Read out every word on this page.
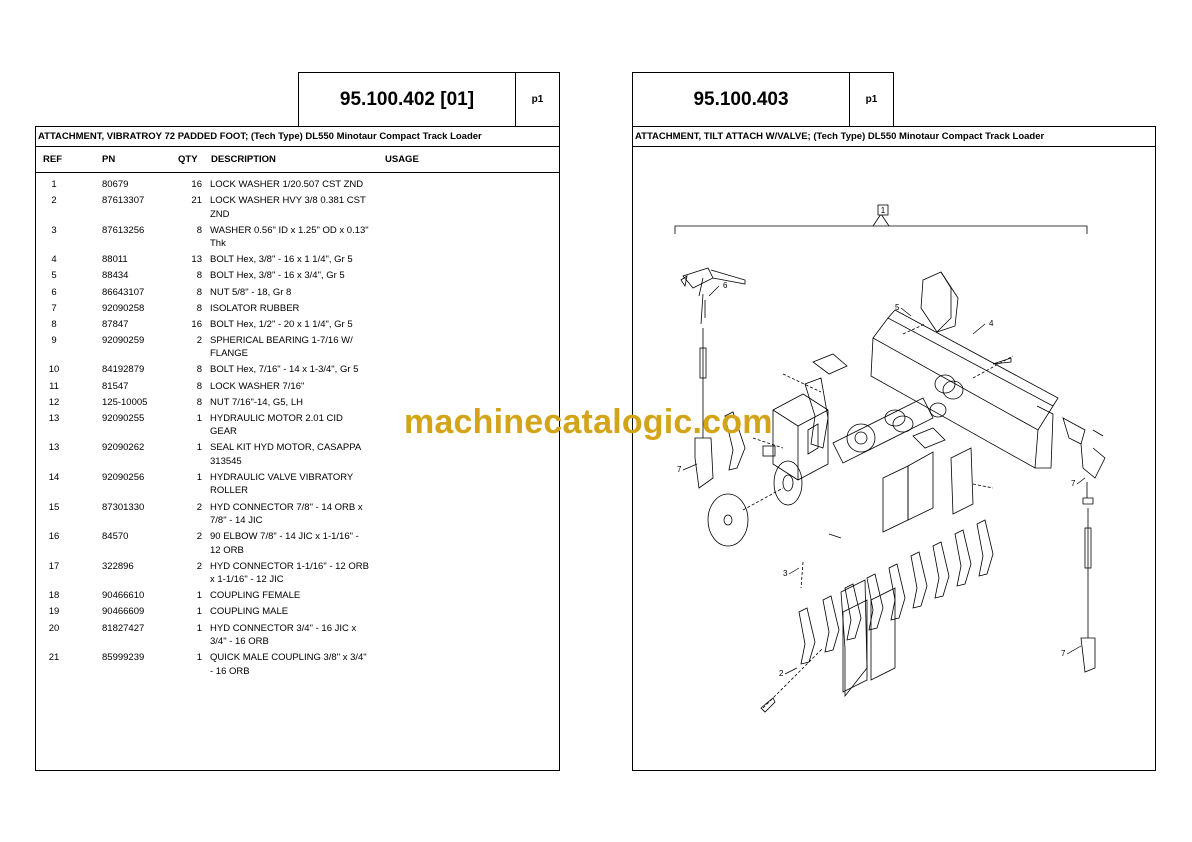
95.100.402 [01]	p1
ATTACHMENT, VIBRATROY 72 PADDED FOOT; (Tech Type) DL550 Minotaur Compact Track Loader
REF	PN	QTY DESCRIPTION	USAGE
1	80679	16 LOCK WASHER 1/20.507 CST ZND
2	87613307	21 LOCK WASHER HVY 3/8 0.381 CST
ZND
3	87613256	8 WASHER 0.56" ID x 1.25" OD x 0.13"
Thk
4	88011	13 BOLT Hex, 3/8" - 16 x 1 1/4", Gr 5
5	88434	8 BOLT Hex, 3/8" - 16 x 3/4", Gr 5
6	86643107	8 NUT 5/8" - 18, Gr 8
7	92090258	8 ISOLATOR RUBBER
8	87847	16 BOLT Hex, 1/2" - 20 x 1 1/4", Gr 5
9	92090259	2 SPHERICAL BEARING 1-7/16 W/
FLANGE
10	84192879	8 BOLT Hex, 7/16" - 14 x 1-3/4", Gr 5
11	81547	8 LOCK WASHER 7/16"
12	125-10005	8 NUT 7/16"-14, G5, LH
13	92090255	1 HYDRAULIC MOTOR 2.01 CID
GEAR
13	92090262	1 SEAL KIT HYD MOTOR, CASAPPA
313545
14	92090256	1 HYDRAULIC VALVE VIBRATORY
ROLLER
15	87301330	2 HYD CONNECTOR 7/8" - 14 ORB x
7/8" - 14 JIC
16	84570	2 90 ELBOW 7/8" - 14 JIC x 1-1/16" -
12 ORB
17	322896	2 HYD CONNECTOR 1-1/16" - 12 ORB
x 1-1/16" - 12 JIC
18	90466610	1 COUPLING FEMALE
19	90466609	1 COUPLING MALE
20	81827427	1 HYD CONNECTOR 3/4" - 16 JIC x
3/4" - 16 ORB
21	85999239	1 QUICK MALE COUPLING 3/8" x 3/4"
- 16 ORB
95.100.403	p1
ATTACHMENT, TILT ATTACH W/VALVE; (Tech Type) DL550 Minotaur Compact Track Loader
1
2
3
4
5
6
7
7
7
machinecatalogic.com
